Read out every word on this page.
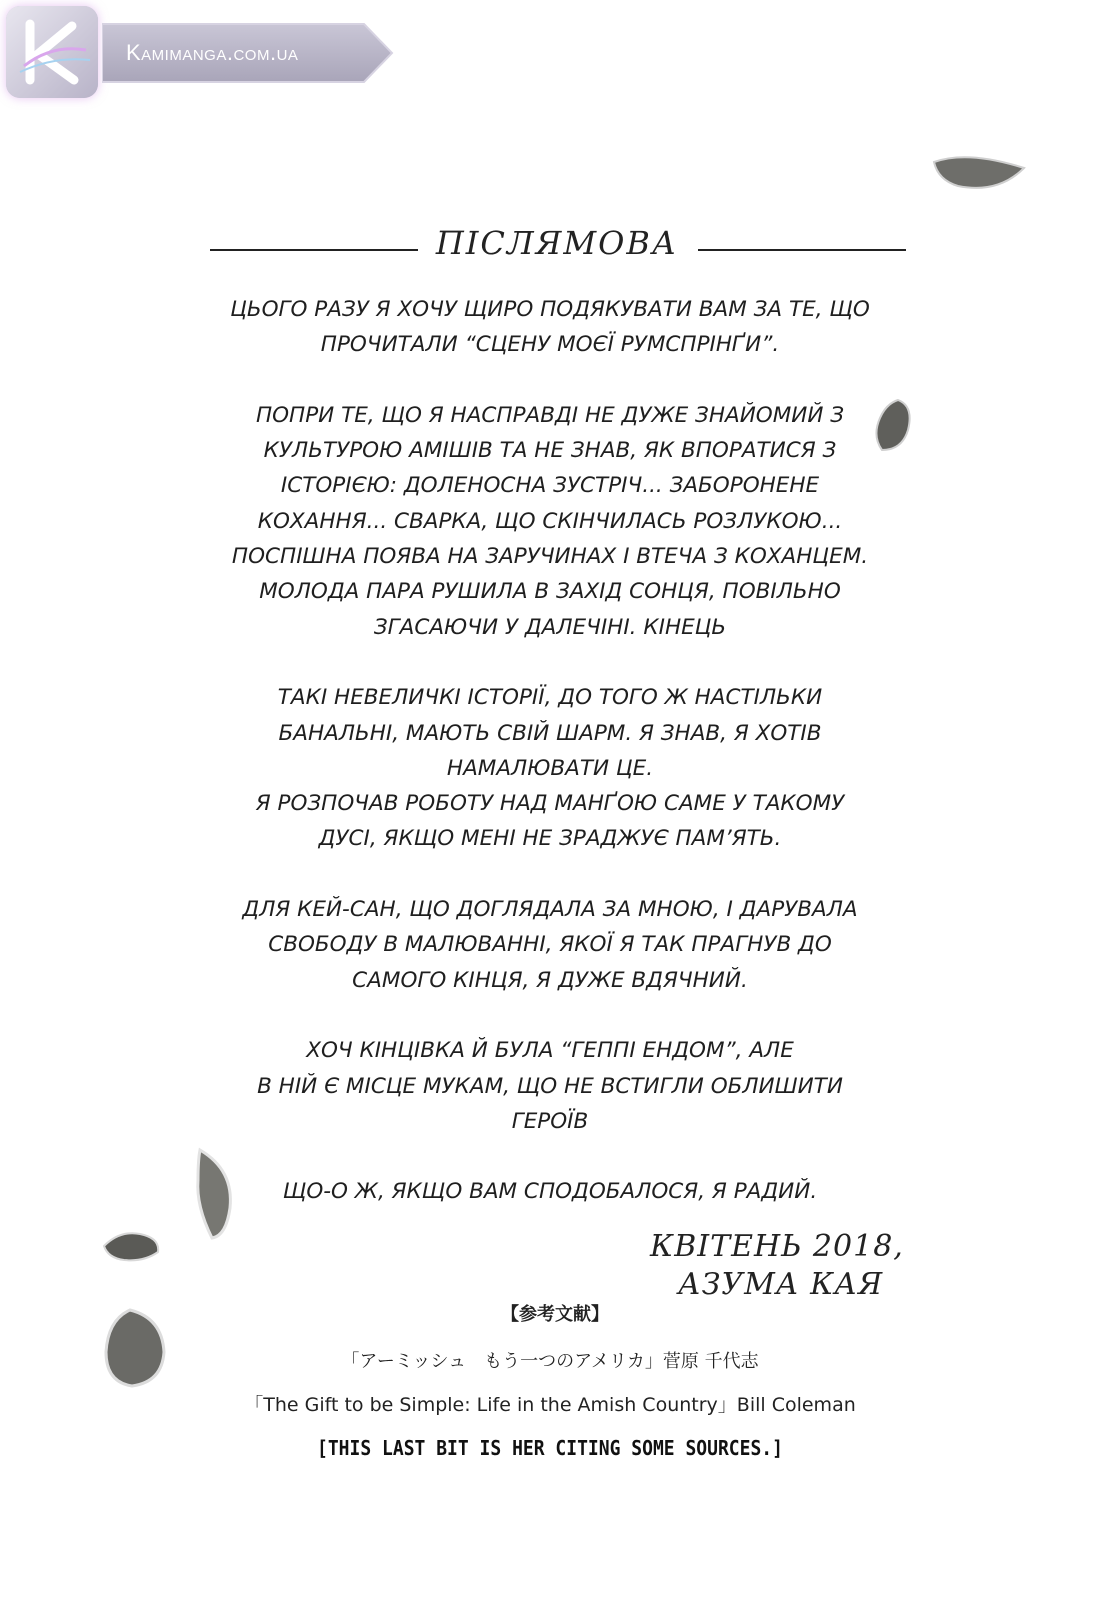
Kamimanga.com.ua
ПІСЛЯМОВА

ЦЬОГО РАЗУ Я ХОЧУ ЩИРО ПОДЯКУВАТИ ВАМ ЗА ТЕ, ЩО
ПРОЧИТАЛИ “СЦЕНУ МОЄЇ РУМСПРІНҐИ”.

ПОПРИ ТЕ, ЩО Я НАСПРАВДІ НЕ ДУЖЕ ЗНАЙОМИЙ З
КУЛЬТУРОЮ АМІШІВ ТА НЕ ЗНАВ, ЯК ВПОРАТИСЯ З
ІСТОРІЄЮ: ДОЛЕНОСНА ЗУСТРІЧ... ЗАБОРОНЕНЕ
КОХАННЯ... СВАРКА, ЩО СКІНЧИЛАСЬ РОЗЛУКОЮ...
ПОСПІШНА ПОЯВА НА ЗАРУЧИНАХ І ВТЕЧА З КОХАНЦЕМ.
МОЛОДА ПАРА РУШИЛА В ЗАХІД СОНЦЯ, ПОВІЛЬНО
ЗГАСАЮЧИ У ДАЛЕЧІНІ. КІНЕЦЬ

ТАКІ НЕВЕЛИЧКІ ІСТОРІЇ, ДО ТОГО Ж НАСТІЛЬКИ
БАНАЛЬНІ, МАЮТЬ СВІЙ ШАРМ. Я ЗНАВ, Я ХОТІВ
НАМАЛЮВАТИ ЦЕ.
Я РОЗПОЧАВ РОБОТУ НАД МАНҐОЮ САМЕ У ТАКОМУ
ДУСІ, ЯКЩО МЕНІ НЕ ЗРАДЖУЄ ПАМ’ЯТЬ.

ДЛЯ КЕЙ-САН, ЩО ДОГЛЯДАЛА ЗА МНОЮ, І ДАРУВАЛА
СВОБОДУ В МАЛЮВАННІ, ЯКОЇ Я ТАК ПРАГНУВ ДО
САМОГО КІНЦЯ, Я ДУЖЕ ВДЯЧНИЙ.

ХОЧ КІНЦІВКА Й БУЛА “ГЕППІ ЕНДОМ”, АЛЕ
В НІЙ Є МІСЦЕ МУКАМ, ЩО НЕ ВСТИГЛИ ОБЛИШИТИ
ГЕРОЇВ

ЩО-О Ж, ЯКЩО ВАМ СПОДОБАЛОСЯ, Я РАДИЙ.

КВІТЕНЬ 2018,
АЗУМА КАЯ
【参考文献】
「アーミッシュ　もう一つのアメリカ」菅原 千代志
「The Gift to be Simple: Life in the Amish Country」Bill Coleman
[THIS LAST BIT IS HER CITING SOME SOURCES.]
